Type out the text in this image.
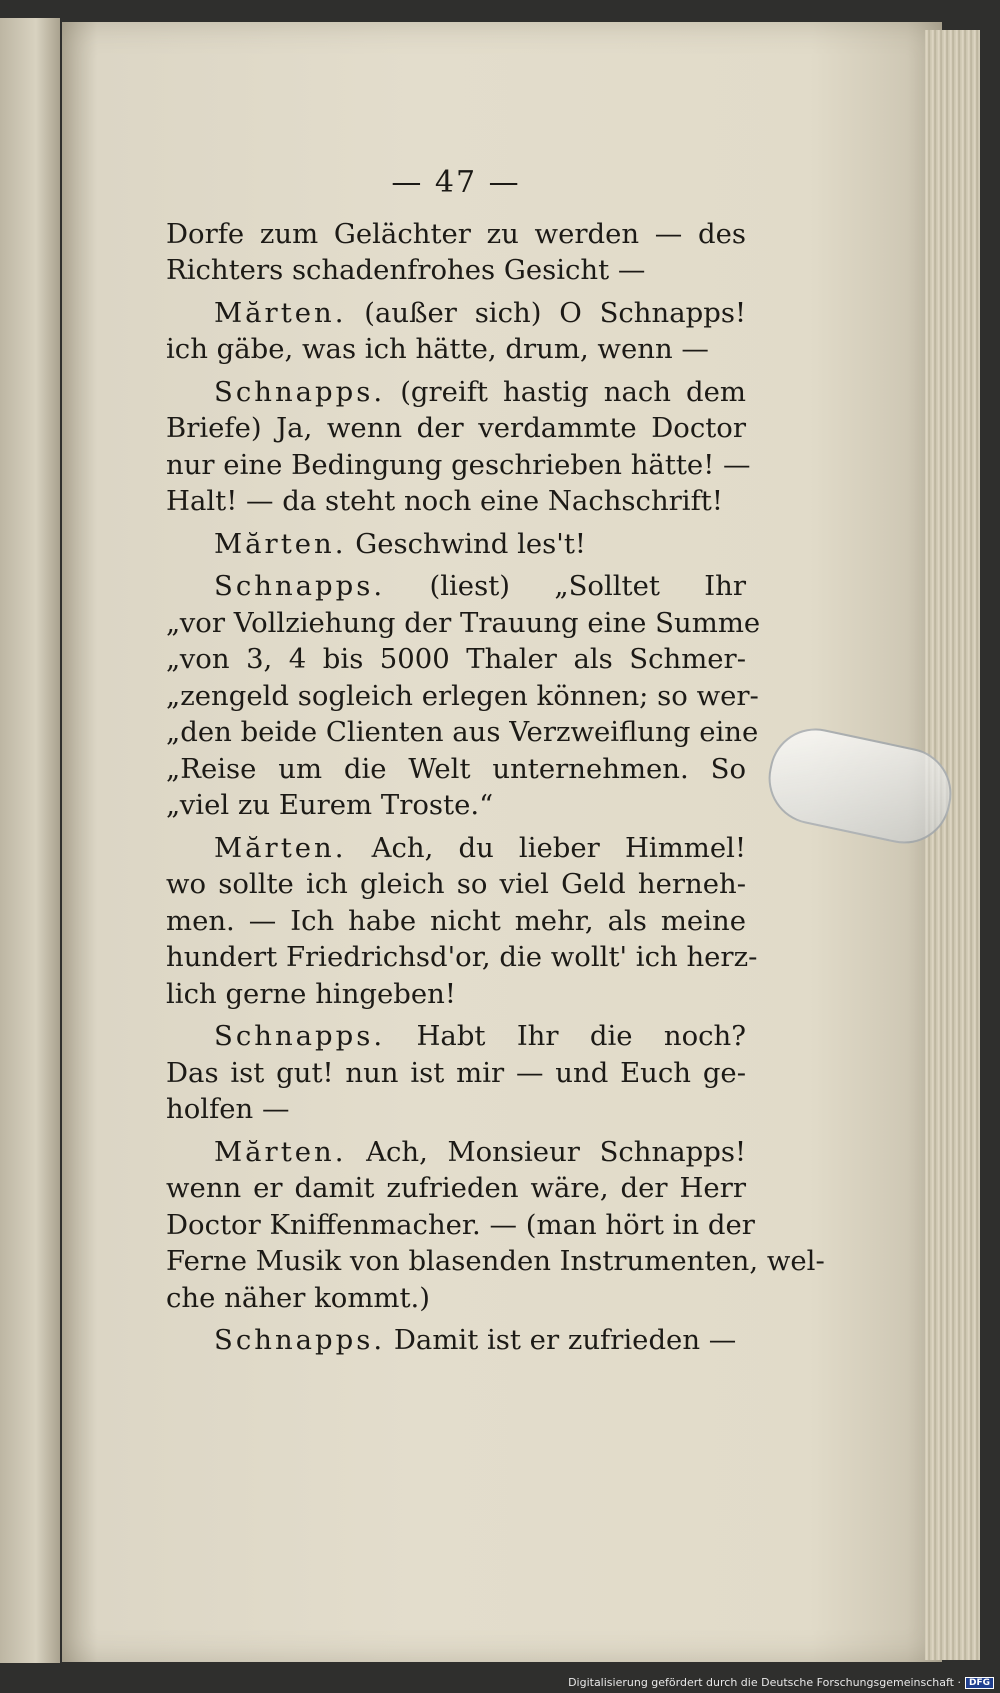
— 47 —
Dorfe zum Gelächter zu werden — des
Richters schadenfrohes Gesicht —
Mărten. (außer sich) O Schnapps!
ich gäbe, was ich hätte, drum, wenn —
Schnapps. (greift hastig nach dem
Briefe) Ja, wenn der verdammte Doctor
nur eine Bedingung geschrieben hätte! —
Halt! — da steht noch eine Nachschrift!
Mărten. Geschwind les't!
Schnapps. (liest) „Solltet Ihr
„vor Vollziehung der Trauung eine Summe
„von 3, 4 bis 5000 Thaler als Schmer-
„zengeld sogleich erlegen können; so wer-
„den beide Clienten aus Verzweiflung eine
„Reise um die Welt unternehmen. So
„viel zu Eurem Troste.“
Mărten. Ach, du lieber Himmel!
wo sollte ich gleich so viel Geld herneh-
men. — Ich habe nicht mehr, als meine
hundert Friedrichsd'or, die wollt' ich herz-
lich gerne hingeben!
Schnapps. Habt Ihr die noch?
Das ist gut! nun ist mir — und Euch ge-
holfen —
Mărten. Ach, Monsieur Schnapps!
wenn er damit zufrieden wäre, der Herr
Doctor Kniffenmacher. — (man hört in der
Ferne Musik von blasenden Instrumenten, wel-
che näher kommt.)
Schnapps. Damit ist er zufrieden —
Digitalisierung gefördert durch die Deutsche Forschungsgemeinschaft · DFG
